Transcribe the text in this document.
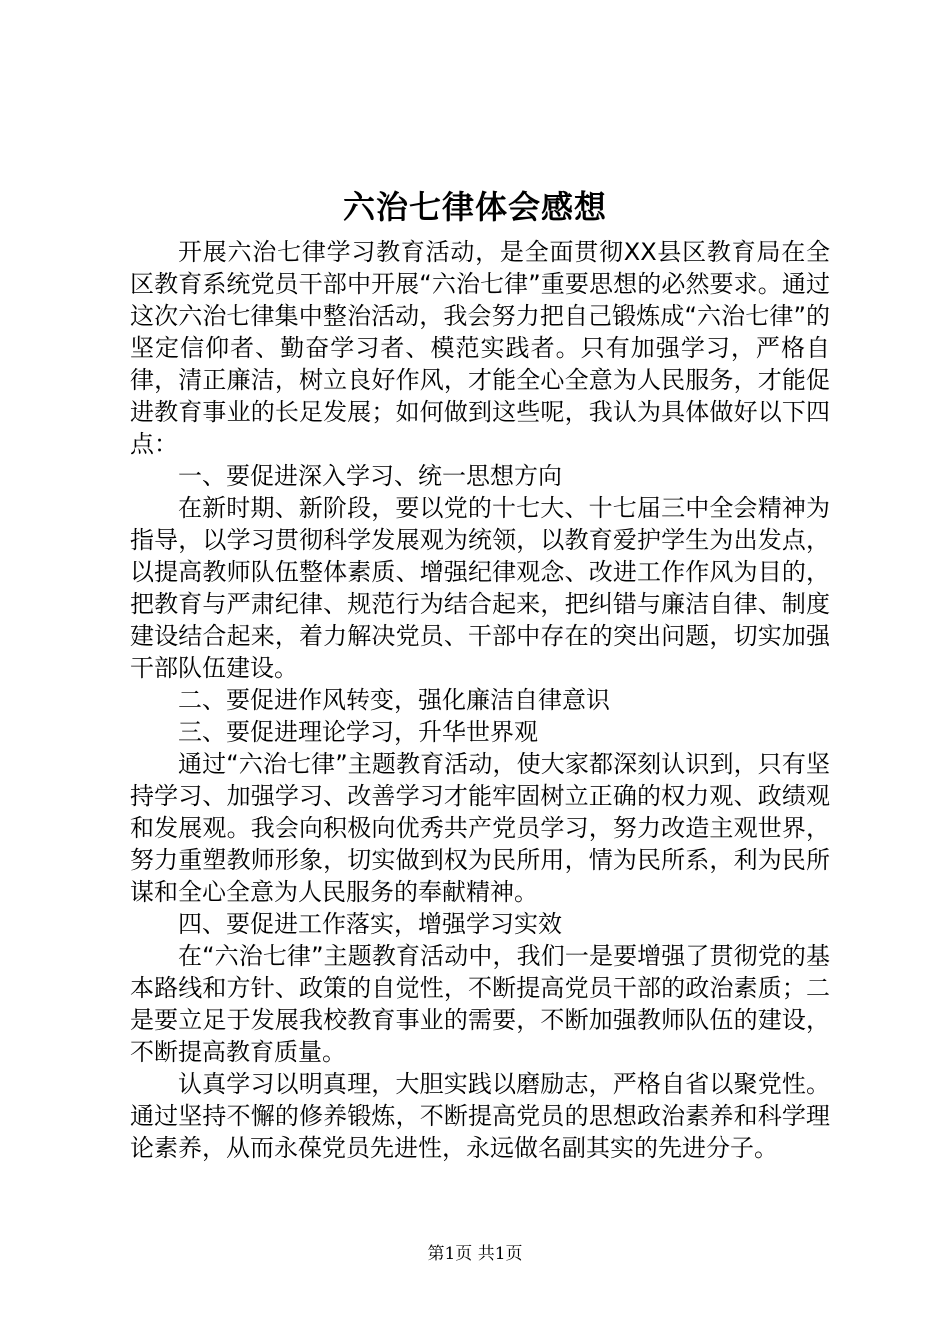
六治七律体会感想

开展六治七律学习教育活动，是全面贯彻XX县区教育局在全区教育系统党员干部中开展“六治七律”重要思想的必然要求。通过这次六治七律集中整治活动，我会努力把自己锻炼成“六治七律”的坚定信仰者、勤奋学习者、模范实践者。只有加强学习，严格自律，清正廉洁，树立良好作风，才能全心全意为人民服务，才能促进教育事业的长足发展；如何做到这些呢，我认为具体做好以下四点：

一、要促进深入学习、统一思想方向

在新时期、新阶段，要以党的十七大、十七届三中全会精神为指导，以学习贯彻科学发展观为统领，以教育爱护学生为出发点，以提高教师队伍整体素质、增强纪律观念、改进工作作风为目的，把教育与严肃纪律、规范行为结合起来，把纠错与廉洁自律、制度建设结合起来，着力解决党员、干部中存在的突出问题，切实加强干部队伍建设。

二、要促进作风转变，强化廉洁自律意识

三、要促进理论学习，升华世界观

通过“六治七律”主题教育活动，使大家都深刻认识到，只有坚持学习、加强学习、改善学习才能牢固树立正确的权力观、政绩观和发展观。我会向积极向优秀共产党员学习，努力改造主观世界，努力重塑教师形象，切实做到权为民所用，情为民所系，利为民所谋和全心全意为人民服务的奉献精神。

四、要促进工作落实，增强学习实效

在“六治七律”主题教育活动中，我们一是要增强了贯彻党的基本路线和方针、政策的自觉性，不断提高党员干部的政治素质；二是要立足于发展我校教育事业的需要，不断加强教师队伍的建设，不断提高教育质量。

认真学习以明真理，大胆实践以磨励志，严格自省以聚党性。通过坚持不懈的修养锻炼，不断提高党员的思想政治素养和科学理论素养，从而永葆党员先进性，永远做名副其实的先进分子。

第1页 共1页
